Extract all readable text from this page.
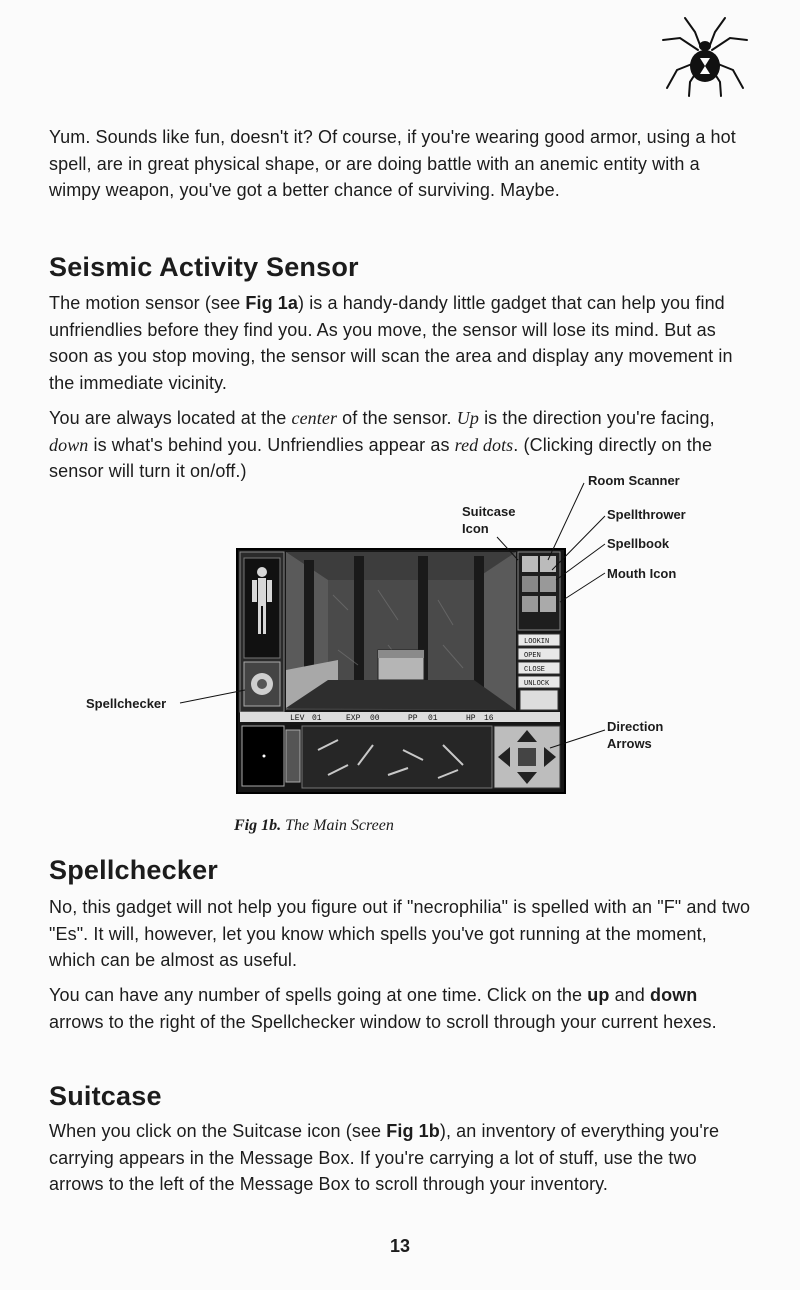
Yum. Sounds like fun, doesn't it? Of course, if you're wearing good armor, using a hot spell, are in great physical shape, or are doing battle with an anemic entity with a wimpy weapon, you've got a better chance of surviving. Maybe.

Seismic Activity Sensor

The motion sensor (see Fig 1a) is a handy-dandy little gadget that can help you find unfriendlies before they find you. As you move, the sensor will lose its mind. But as soon as you stop moving, the sensor will scan the area and display any movement in the immediate vicinity.

You are always located at the center of the sensor. Up is the direction you're facing, down is what's behind you. Unfriendlies appear as red dots. (Clicking directly on the sensor will turn it on/off.)

LOOKIN
OPEN
CLOSE
UNLOCK
LEV 01	EXP 00	PP 01	HP 16
Room Scanner
Suitcase
Icon
Spellthrower
Spellbook
Mouth Icon
Spellchecker
Direction
Arrows
Fig 1b. The Main Screen
Spellchecker

No, this gadget will not help you figure out if "necrophilia" is spelled with an "F" and two "Es". It will, however, let you know which spells you've got running at the moment, which can be almost as useful.

You can have any number of spells going at one time. Click on the up and down arrows to the right of the Spellchecker window to scroll through your current hexes.

Suitcase

When you click on the Suitcase icon (see Fig 1b), an inventory of everything you're carrying appears in the Message Box. If you're carrying a lot of stuff, use the two arrows to the left of the Message Box to scroll through your inventory.

13
